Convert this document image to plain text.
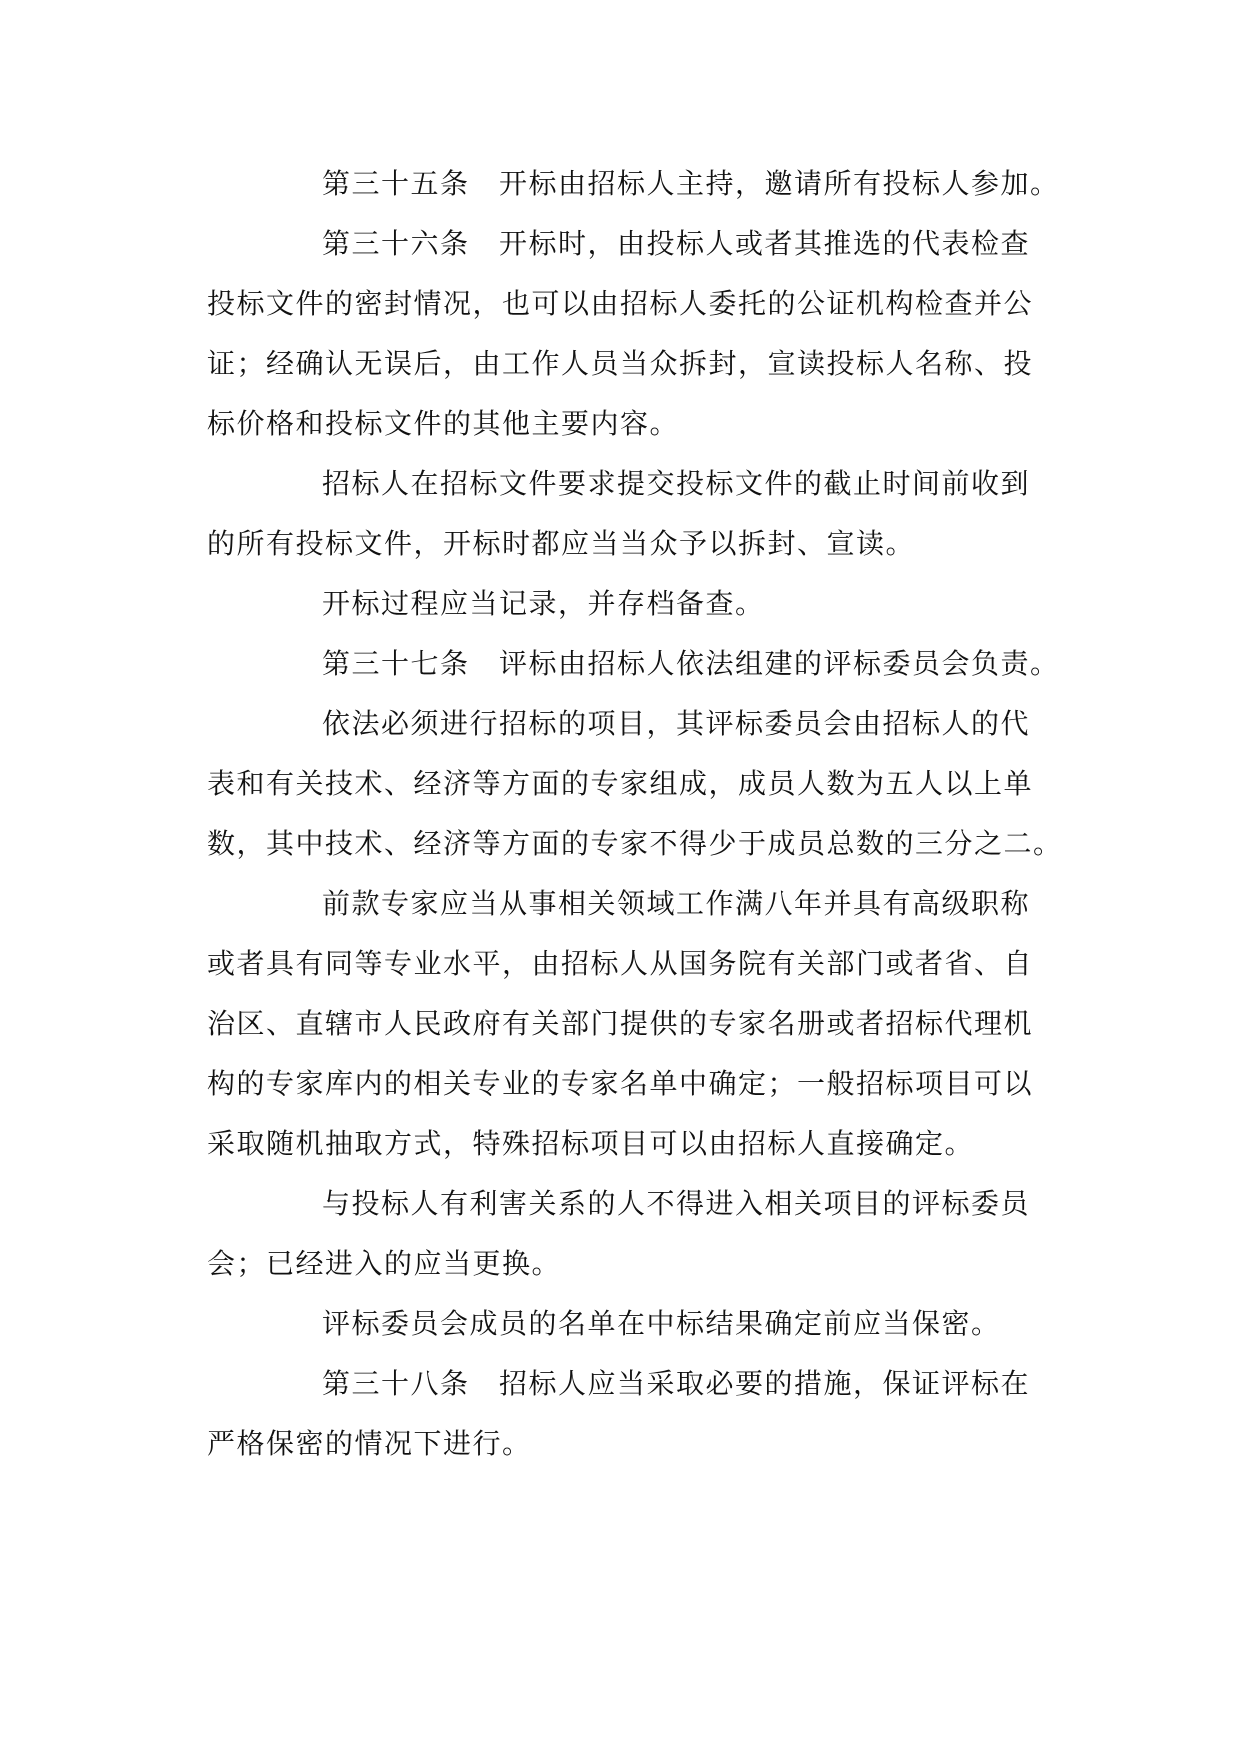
第三十五条　开标由招标人主持，邀请所有投标人参加。
第三十六条　开标时，由投标人或者其推选的代表检查
投标文件的密封情况，也可以由招标人委托的公证机构检查并公
证；经确认无误后，由工作人员当众拆封，宣读投标人名称、投
标价格和投标文件的其他主要内容。
招标人在招标文件要求提交投标文件的截止时间前收到
的所有投标文件，开标时都应当当众予以拆封、宣读。
开标过程应当记录，并存档备查。
第三十七条　评标由招标人依法组建的评标委员会负责。
依法必须进行招标的项目，其评标委员会由招标人的代
表和有关技术、经济等方面的专家组成，成员人数为五人以上单
数，其中技术、经济等方面的专家不得少于成员总数的三分之二。
前款专家应当从事相关领域工作满八年并具有高级职称
或者具有同等专业水平，由招标人从国务院有关部门或者省、自
治区、直辖市人民政府有关部门提供的专家名册或者招标代理机
构的专家库内的相关专业的专家名单中确定；一般招标项目可以
采取随机抽取方式，特殊招标项目可以由招标人直接确定。
与投标人有利害关系的人不得进入相关项目的评标委员
会；已经进入的应当更换。
评标委员会成员的名单在中标结果确定前应当保密。
第三十八条　招标人应当采取必要的措施，保证评标在
严格保密的情况下进行。
